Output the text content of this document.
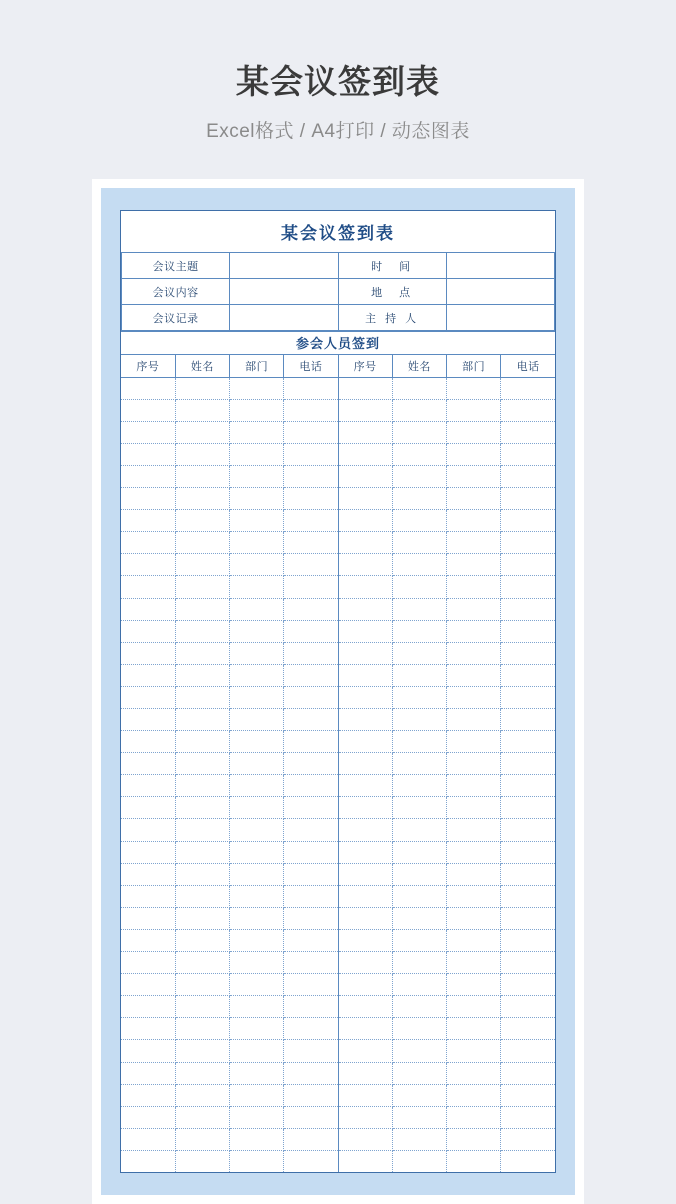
某会议签到表
Excel格式 / A4打印 / 动态图表
某会议签到表			
会议主题		时　间	
会议内容		地　点	
会议记录		主 持 人	
参会人员签到
序号	姓名	部门	电话	序号	姓名	部门	电话
